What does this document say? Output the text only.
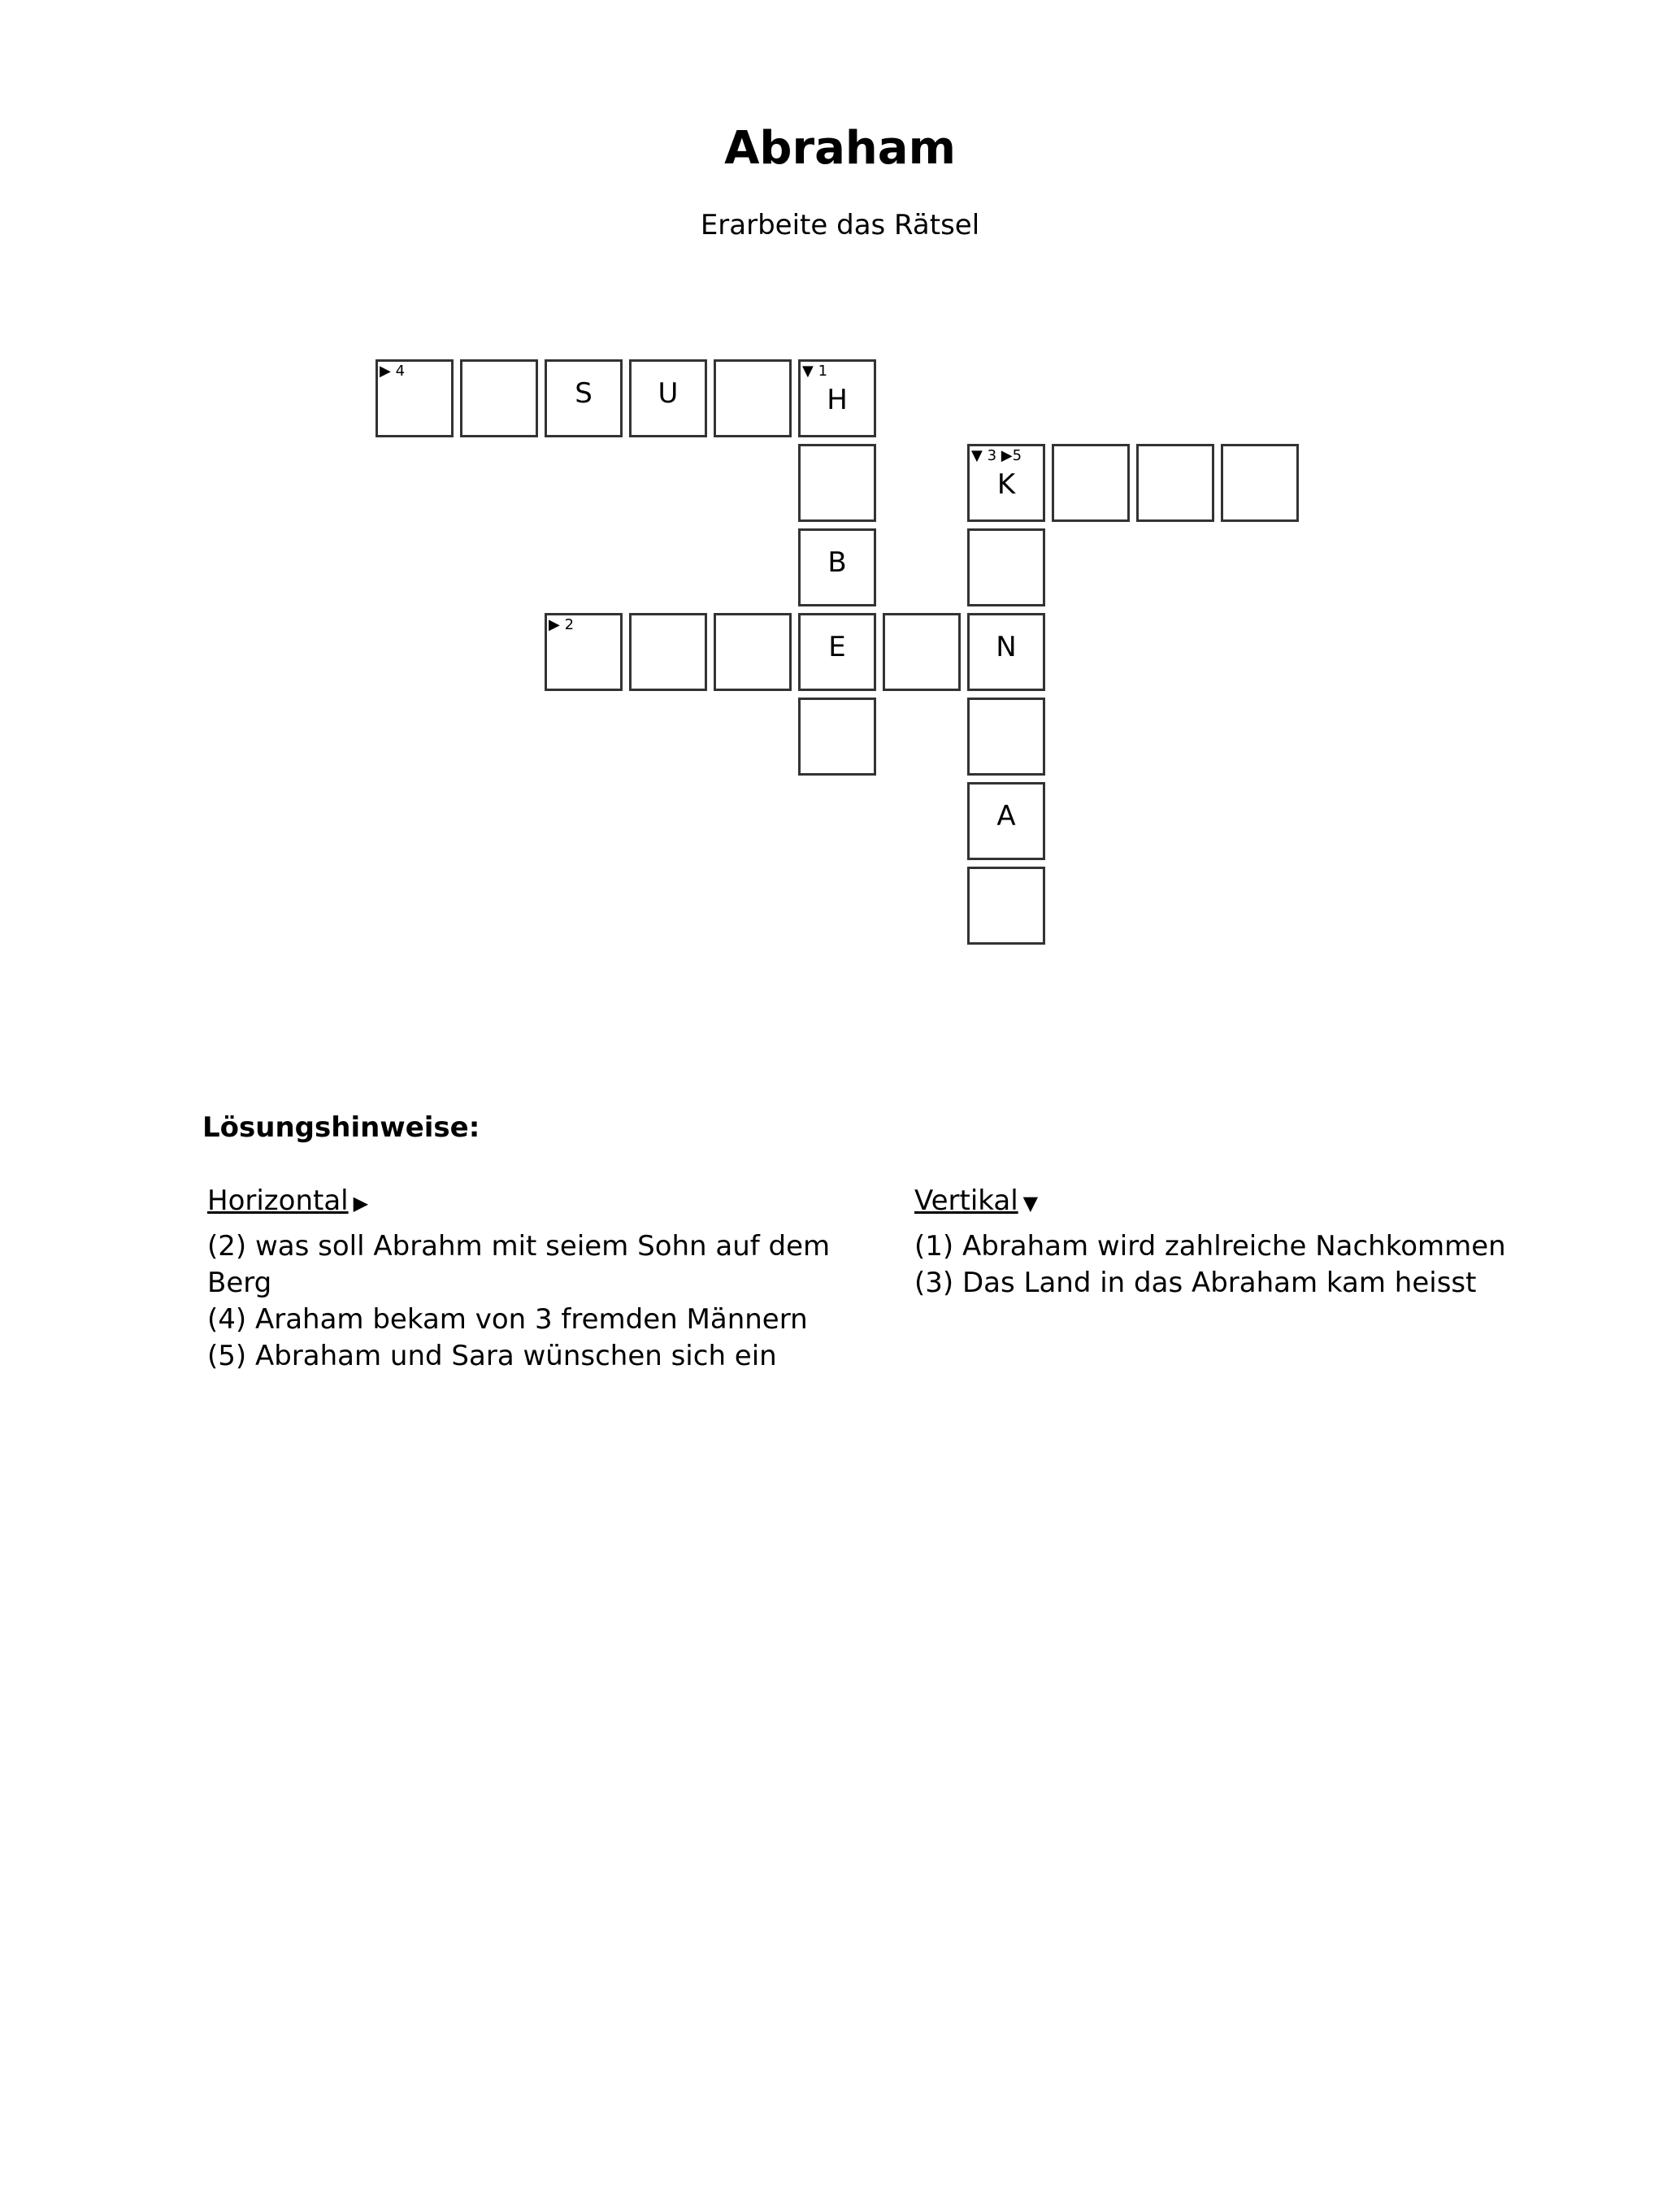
Abraham
Erarbeite das Rätsel
▶ 4
S	U
▼ 1
H
▼ 3 ▶5
K
B
▶ 2
E	N
A
Lösungshinweise:
Horizontal ▶

(2) was soll Abrahm mit seiem Sohn auf dem Berg

(4) Araham bekam von 3 fremden Männern

(5) Abraham und Sara wünschen sich ein

Vertikal ▼

(1) Abraham wird zahlreiche Nachkommen

(3) Das Land in das Abraham kam heisst
